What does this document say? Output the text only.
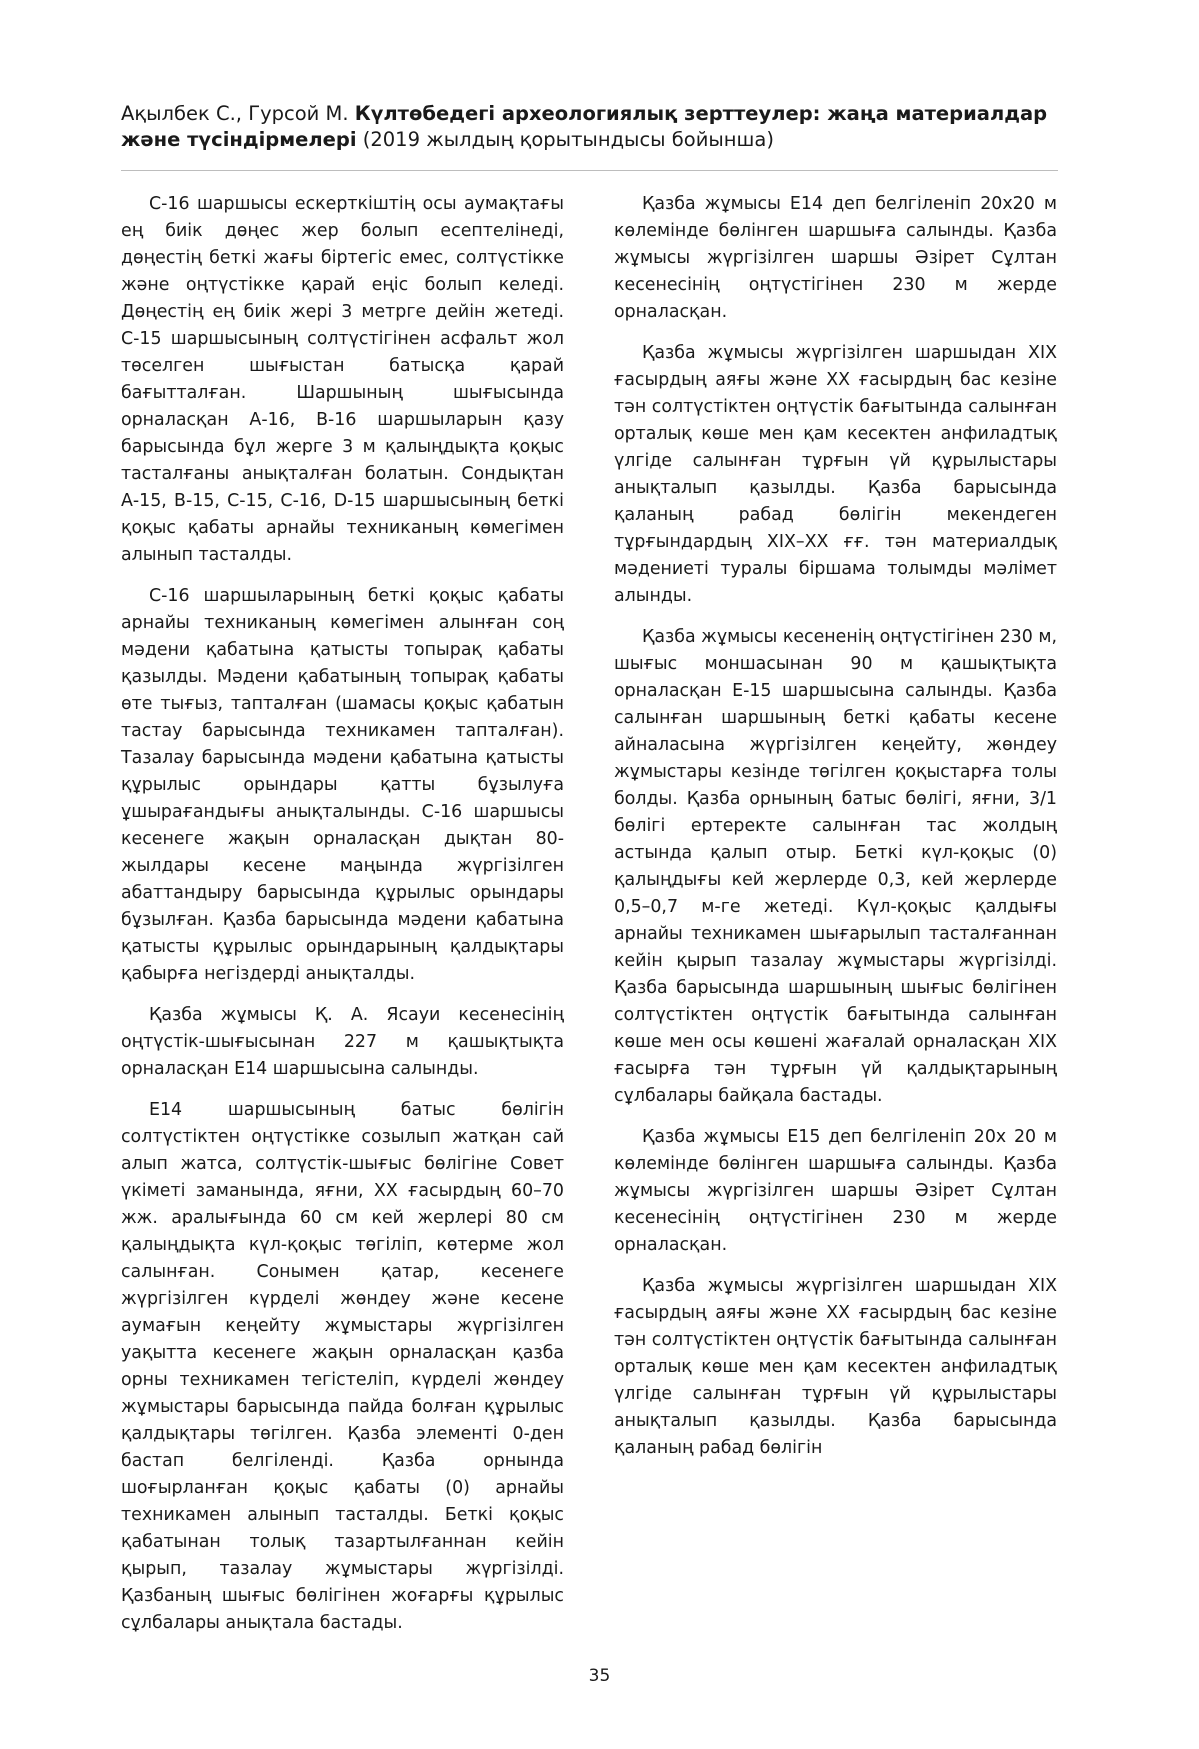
Ақылбек С., Гурсой М. Күлтөбедегі археологиялық зерттеулер: жаңа материалдар және түсіндірмелері (2019 жылдың қорытындысы бойынша)

С-16 шаршысы ескерткіштің осы аумақтағы ең биік дөңес жер болып есептелінеді, дөңестің беткі жағы біртегіс емес, солтүстікке және оңтүстікке қарай еңіс болып келеді. Дөңестің ең биік жері 3 метрге дейін жетеді. С-15 шаршысының солтүстігінен асфальт жол төселген шығыстан батысқа қарай бағытталған. Шаршының шығысында орналасқан А-16, В-16 шаршыларын қазу барысында бұл жерге 3 м қалыңдықта қоқыс тасталғаны анықталған болатын. Сондықтан А-15, В-15, С-15, С-16, D-15 шаршысының беткі қоқыс қабаты арнайы техниканың көмегімен алынып тасталды.

С-16 шаршыларының беткі қоқыс қабаты арнайы техниканың көмегімен алынған соң мәдени қабатына қатысты топырақ қабаты қазылды. Мәдени қабатының топырақ қабаты өте тығыз, тапталған (шамасы қоқыс қабатын тастау барысында техникамен тапталған). Тазалау барысында мәдени қабатына қатысты құрылыс орындары қатты бұзылуға ұшырағандығы анықталынды. С-16 шаршысы кесенеге жақын орналасқан дықтан 80-жылдары кесене маңында жүргізілген абаттандыру барысында құрылыс орындары бұзылған. Қазба барысында мәдени қабатына қатысты құрылыс орындарының қалдықтары қабырға негіздерді анықталды.

Қазба жұмысы Қ. А. Ясауи кесенесінің оңтүстік-шығысынан 227 м қашықтықта орналасқан Е14 шаршысына салынды.

Е14 шаршысының батыс бөлігін солтүстіктен оңтүстікке созылып жатқан сай алып жатса, солтүстік-шығыс бөлігіне Совет үкіметі заманында, яғни, ХХ ғасырдың 60–70 жж. аралығында 60 см кей жерлері 80 см қалыңдықта күл-қоқыс төгіліп, көтерме жол салынған. Сонымен қатар, кесенеге жүргізілген күрделі жөндеу және кесене аумағын кеңейту жұмыстары жүргізілген уақытта кесенеге жақын орналасқан қазба орны техникамен тегістеліп, күрделі жөндеу жұмыстары барысында пайда болған құрылыс қалдықтары төгілген. Қазба элементі 0-ден бастап белгіленді. Қазба орнында шоғырланған қоқыс қабаты (0) арнайы техникамен алынып тасталды. Беткі қоқыс қабатынан толық тазартылғаннан кейін қырып, тазалау жұмыстары жүргізілді. Қазбаның шығыс бөлігінен жоғарғы құрылыс сұлбалары анықтала бастады.

Қазба жұмысы Е14 деп белгіленіп 20х20 м көлемінде бөлінген шаршыға салынды. Қазба жұмысы жүргізілген шаршы Әзірет Сұлтан кесенесінің оңтүстігінен 230 м жерде орналасқан.

Қазба жұмысы жүргізілген шаршыдан XIX ғасырдың аяғы және ХХ ғасырдың бас кезіне тән солтүстіктен оңтүстік бағытында салынған орталық көше мен қам кесектен анфиладтық үлгіде салынған тұрғын үй құрылыстары анықталып қазылды. Қазба барысында қаланың рабад бөлігін мекендеген тұрғындардың XIX–XX ғғ. тән материалдық мәдениеті туралы біршама толымды мәлімет алынды.

Қазба жұмысы кесененің оңтүстігінен 230 м, шығыс моншасынан 90 м қашықтықта орналасқан Е-15 шаршысына салынды. Қазба салынған шаршының беткі қабаты кесене айналасына жүргізілген кеңейту, жөндеу жұмыстары кезінде төгілген қоқыстарға толы болды. Қазба орнының батыс бөлігі, яғни, 3/1 бөлігі ертеректе салынған тас жолдың астында қалып отыр. Беткі күл-қоқыс (0) қалыңдығы кей жерлерде 0,3, кей жерлерде 0,5–0,7 м-ге жетеді. Күл-қоқыс қалдығы арнайы техникамен шығарылып тасталғаннан кейін қырып тазалау жұмыстары жүргізілді. Қазба барысында шаршының шығыс бөлігінен солтүстіктен оңтүстік бағытында салынған көше мен осы көшені жағалай орналасқан XIX ғасырға тән тұрғын үй қалдықтарының сұлбалары байқала бастады.

Қазба жұмысы Е15 деп белгіленіп 20х 20 м көлемінде бөлінген шаршыға салынды. Қазба жұмысы жүргізілген шаршы Әзірет Сұлтан кесенесінің оңтүстігінен 230 м жерде орналасқан.

Қазба жұмысы жүргізілген шаршыдан XIX ғасырдың аяғы және ХХ ғасырдың бас кезіне тән солтүстіктен оңтүстік бағытында салынған орталық көше мен қам кесектен анфиладтық үлгіде салынған тұрғын үй құрылыстары анықталып қазылды. Қазба барысында қаланың рабад бөлігін

35
